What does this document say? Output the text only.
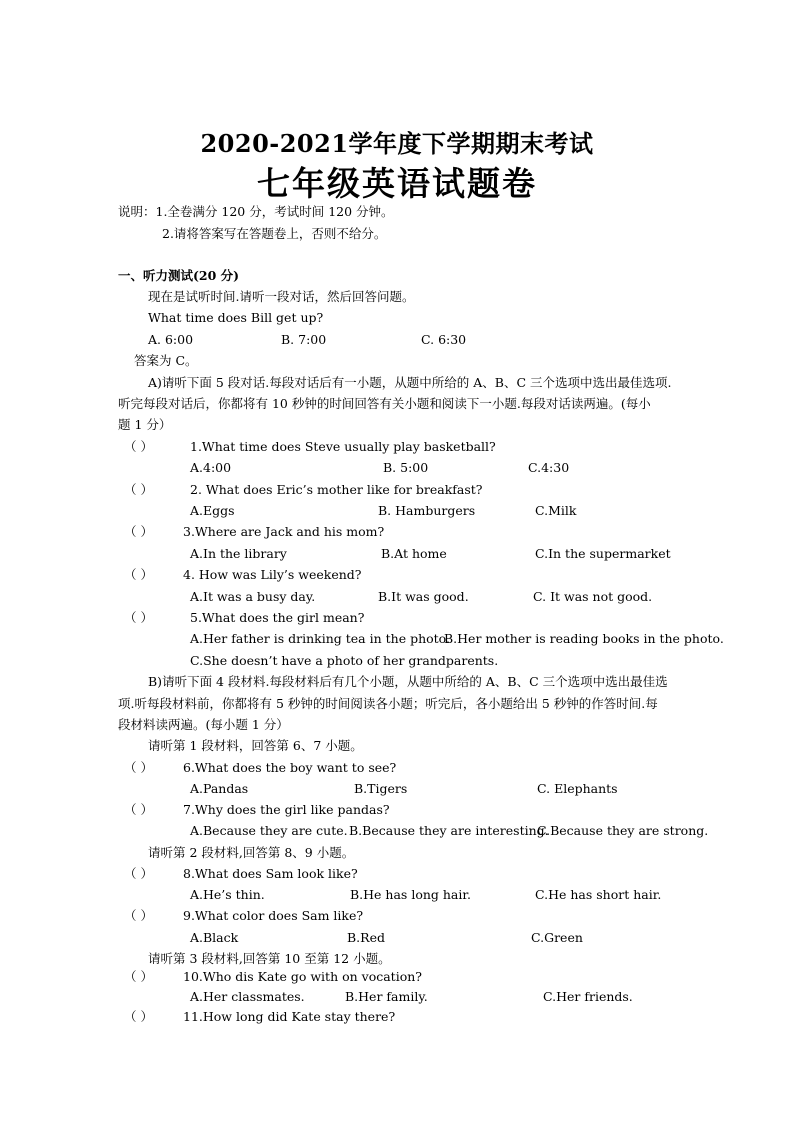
2020-2021学年度下学期期末考试
七年级英语试题卷
说明：1.全卷满分 120 分，考试时间 120 分钟。
2.请将答案写在答题卷上，否则不给分。
一、听力测试(20 分)
现在是试听时间.请听一段对话，然后回答问题。
What time does Bill get up?
A. 6:00	B. 7:00	C. 6:30
答案为 C。
A)请听下面 5 段对话.每段对话后有一小题，从题中所给的 A、B、C 三个选项中选出最佳选项.
听完每段对话后，你都将有 10 秒钟的时间回答有关小题和阅读下一小题.每段对话读两遍。(每小
题 1 分）
（ ）	1.What time does Steve usually play basketball?
A.4:00	B. 5:00	C.4:30
（ ）	2. What does Eric’s mother like for breakfast?
A.Eggs	B. Hamburgers	C.Milk
（ ） 3.Where are Jack and his mom?
A.In the library	B.At home	C.In the supermarket
（ ） 4. How was Lily’s weekend?
A.It was a busy day.	B.It was good.	C. It was not good.
（ ）	5.What does the girl mean?
A.Her father is drinking tea in the photo.
B.Her mother is reading books in the photo.
C.She doesn’t have a photo of her grandparents.
B)请听下面 4 段材料.每段材料后有几个小题，从题中所给的 A、B、C 三个选项中选出最佳选
项.听每段材料前，你都将有 5 秒钟的时间阅读各小题；听完后，各小题给出 5 秒钟的作答时间.每
段材料读两遍。(每小题 1 分）
请听第 1 段材料，回答第 6、7 小题。
（ ） 6.What does the boy want to see?
A.Pandas	B.Tigers	C. Elephants
（ ） 7.Why does the girl like pandas?
A.Because they are cute. B.Because they are interesting.
C.Because they are strong.
请听第 2 段材料,回答第 8、9 小题。
（ ） 8.What does Sam look like?
A.He’s thin.	B.He has long hair.	C.He has short hair.
（ ） 9.What color does Sam like?
A.Black	B.Red	C.Green
请听第 3 段材料,回答第 10 至第 12 小题。
（ ） 10.Who dis Kate go with on vocation?
A.Her classmates.	B.Her family.	C.Her friends.
（ ） 11.How long did Kate stay there?
